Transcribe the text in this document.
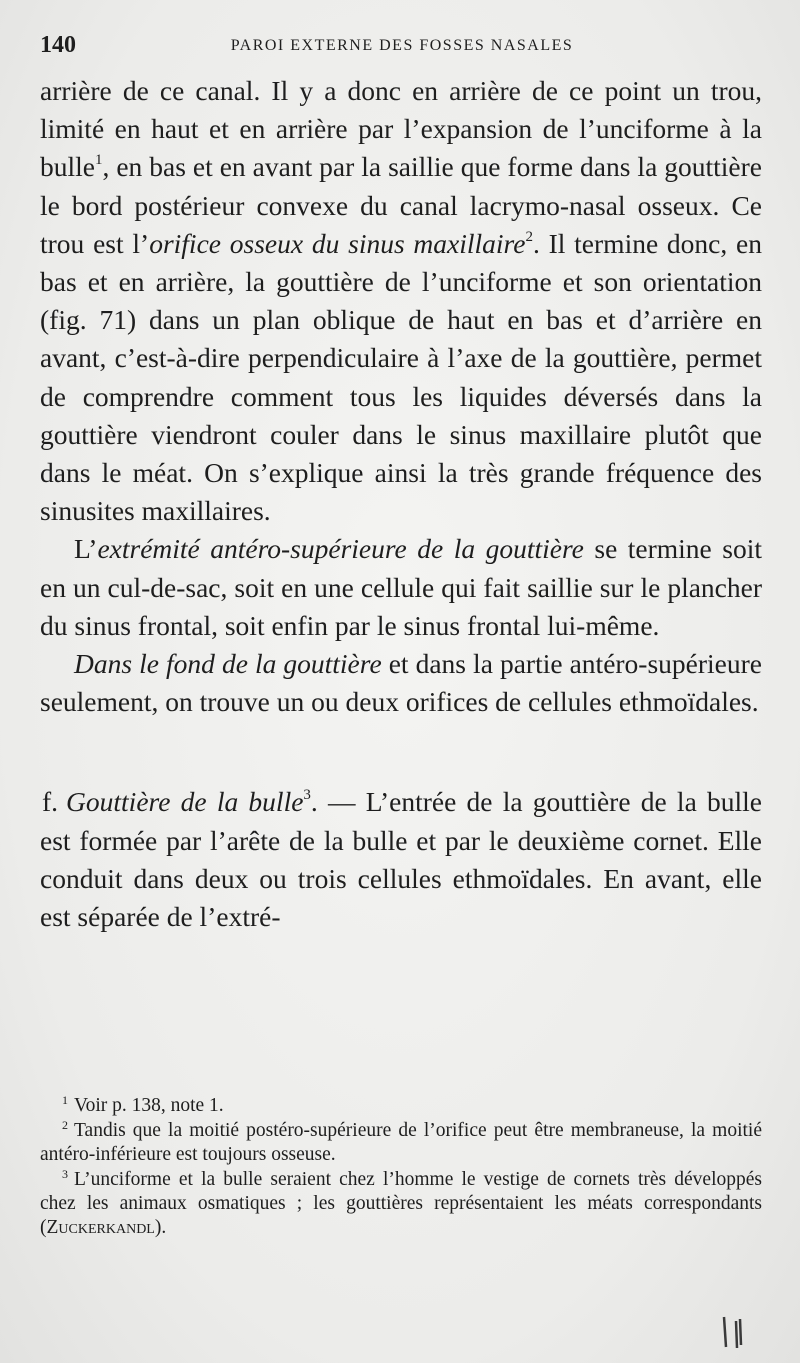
140	PAROI EXTERNE DES FOSSES NASALES

arrière de ce canal. Il y a donc en arrière de ce point un trou, limité en haut et en arrière par l’expansion de l’unciforme à la bulle$^1$, en bas et en avant par la saillie que forme dans la gouttière le bord postérieur convexe du canal lacrymo-nasal osseux. Ce trou est l’orifice osseux du sinus maxillaire$^2$. Il termine donc, en bas et en arrière, la gouttière de l’unciforme et son orientation (fig. 71) dans un plan oblique de haut en bas et d’arrière en avant, c’est-à-dire perpendiculaire à l’axe de la gouttière, permet de comprendre comment tous les liquides déversés dans la gouttière viendront couler dans le sinus maxillaire plutôt que dans le méat. On s’explique ainsi la très grande fréquence des sinusites maxillaires.

L’extrémité antéro-supérieure de la gouttière se termine soit en un cul-de-sac, soit en une cellule qui fait saillie sur le plancher du sinus frontal, soit enfin par le sinus frontal lui-même.

Dans le fond de la gouttière et dans la partie antéro-supérieure seulement, on trouve un ou deux orifices de cellules ethmoïdales.

f. Gouttière de la bulle$^3$. — L’entrée de la gouttière de la bulle est formée par l’arête de la bulle et par le deuxième cornet. Elle conduit dans deux ou trois cellules ethmoïdales. En avant, elle est séparée de l’extré-

$^1$ Voir p. 138, note 1.

$^2$ Tandis que la moitié postéro-supérieure de l’orifice peut être membraneuse, la moitié antéro-inférieure est toujours osseuse.

$^3$ L’unciforme et la bulle seraient chez l’homme le vestige de cornets très développés chez les animaux osmatiques ; les gouttières représentaient les méats correspondants (Zuckerkandl).
